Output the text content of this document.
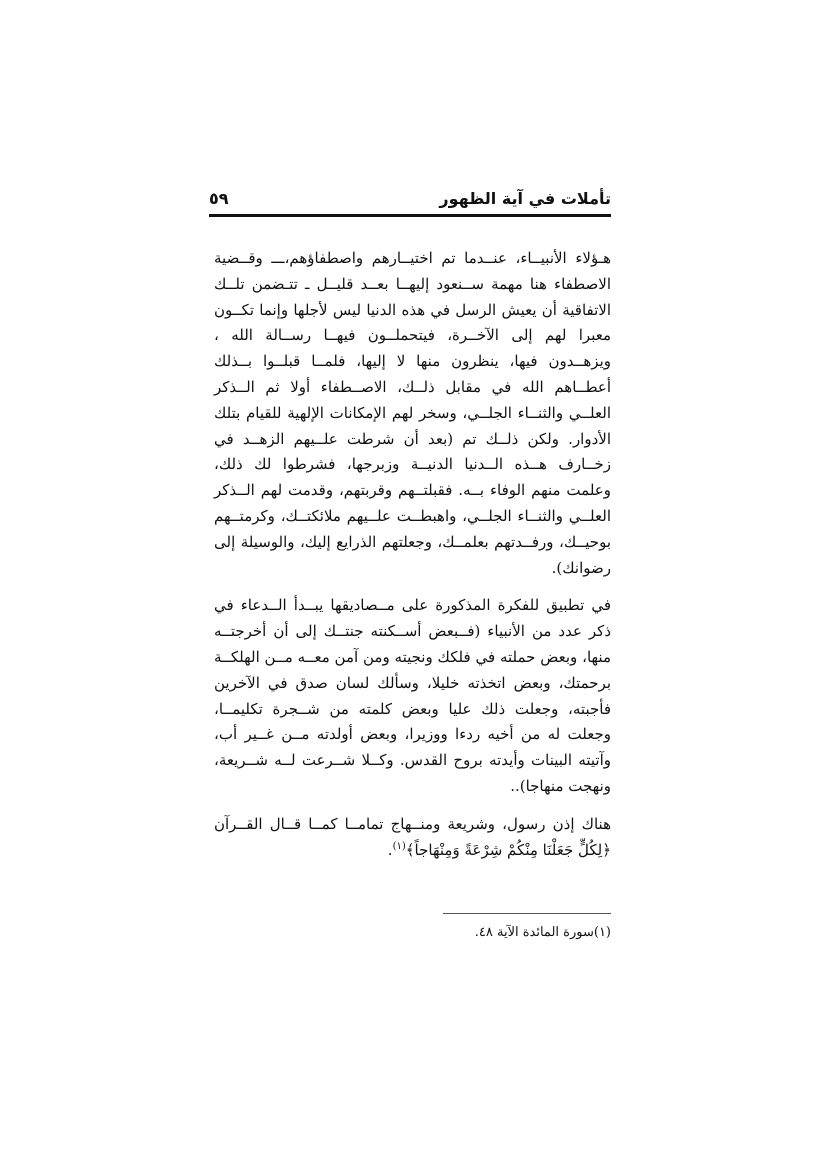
تأملات في آية الظهور
٥٩

هـؤلاء الأنبيــاء، عنــدما تم اختيــارهم واصطفاؤهم،ـــ وقــضية الاصطفاء هنا مهمة ســنعود إليهــا بعــد قليــل ـ تتـضمن تلــك الاتفاقية أن يعيش الرسل في هذه الدنيا ليس لأجلها وإنما تكــون معبرا لهم إلى الآخــرة، فيتحملــون فيهــا رســالة الله ، ويزهــدون فيها، ينظرون منها لا إليها، فلمــا قبلــوا بــذلك أعطــاهم الله في مقابل ذلــك، الاصــطفاء أولا ثم الــذكر العلــي والثنــاء الجلــي، وسخر لهم الإمكانات الإلهية للقيام بتلك الأدوار. ولكن ذلــك تم (بعد أن شرطت علــيهم الزهــد في زخــارف هــذه الــدنيا الدنيــة وزبرجها، فشرطوا لك ذلك، وعلمت منهم الوفاء بــه. فقبلتــهم وقربتهم، وقدمت لهم الــذكر العلــي والثنــاء الجلــي، واهبطــت علــيهم ملائكتــك، وكرمتــهم بوحيــك، ورفــدتهم بعلمــك، وجعلتهم الذرايع إليك، والوسيلة إلى رضوانك).

في تطبيق للفكرة المذكورة على مــصاديقها يبــدأ الــدعاء في ذكر عدد من الأنبياء (فــبعض أســكنته جنتــك إلى أن أخرجتــه منها، وبعض حملته في فلكك ونجيته ومن آمن معــه مــن الهلكــة برحمتك، وبعض اتخذته خليلا، وسألك لسان صدق في الآخرين فأجبته، وجعلت ذلك عليا وبعض كلمته من شــجرة تكليمــا، وجعلت له من أخيه ردءا ووزيرا، وبعض أولدته مــن غــير أب، وآتيته البينات وأيدته بروح القدس. وكــلا شــرعت لــه شــريعة، ونهجت منهاجا)..

هناك إذن رسول، وشريعة ومنــهاج تمامــا كمــا قــال القــرآن ﴿لِكُلٍّ جَعَلْنَا مِنْكُمْ شِرْعَةً وَمِنْهَاجاً﴾$^{(١)}$.

(١)سورة المائدة الآية ٤٨.
